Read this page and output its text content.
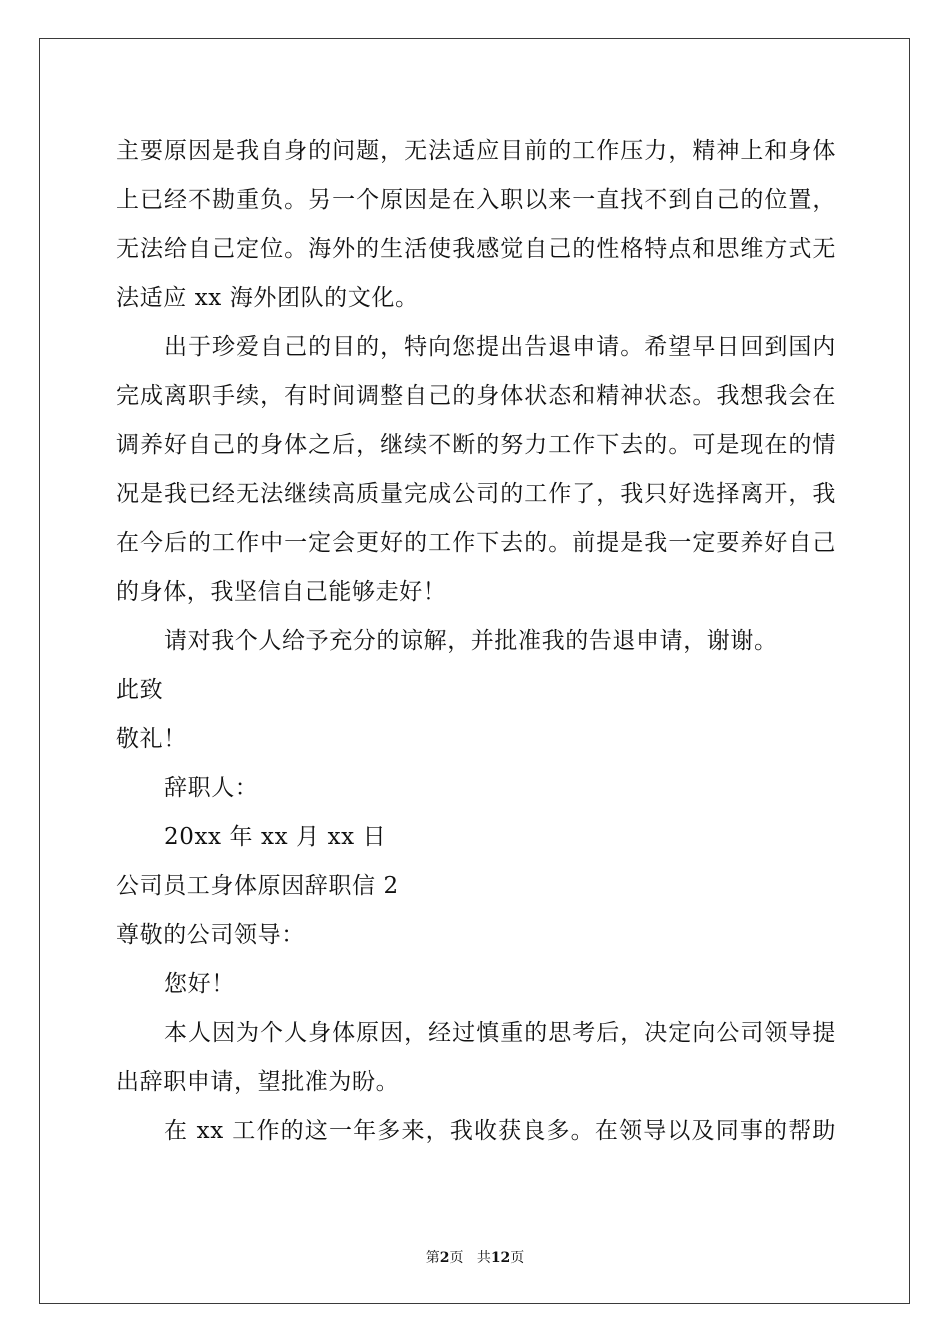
主要原因是我自身的问题，无法适应目前的工作压力，精神上和身体
上已经不勘重负。另一个原因是在入职以来一直找不到自己的位置，
无法给自己定位。海外的生活使我感觉自己的性格特点和思维方式无
法适应 xx 海外团队的文化。
出于珍爱自己的目的，特向您提出告退申请。希望早日回到国内
完成离职手续，有时间调整自己的身体状态和精神状态。我想我会在
调养好自己的身体之后，继续不断的努力工作下去的。可是现在的情
况是我已经无法继续高质量完成公司的工作了，我只好选择离开，我
在今后的工作中一定会更好的工作下去的。前提是我一定要养好自己
的身体，我坚信自己能够走好！
请对我个人给予充分的谅解，并批准我的告退申请，谢谢。
此致
敬礼！
辞职人：
20xx 年 xx 月 xx 日
公司员工身体原因辞职信 2
尊敬的公司领导：
您好！
本人因为个人身体原因，经过慎重的思考后，决定向公司领导提
出辞职申请，望批准为盼。
在 xx 工作的这一年多来，我收获良多。在领导以及同事的帮助
第2页 共12页
